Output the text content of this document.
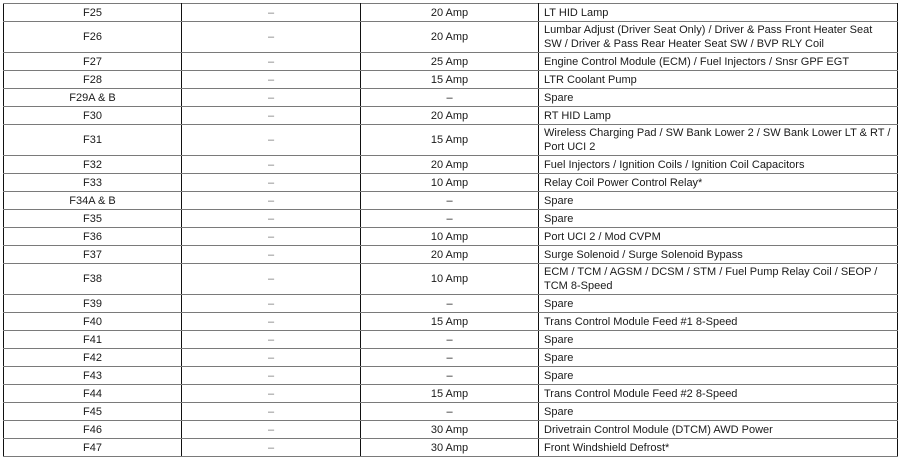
F25	–	20 Amp	LT HID Lamp
F26	–	20 Amp	Lumbar Adjust (Driver Seat Only) / Driver & Pass Front Heater Seat SW / Driver & Pass Rear Heater Seat SW / BVP RLY Coil
F27	–	25 Amp	Engine Control Module (ECM) / Fuel Injectors / Snsr GPF EGT
F28	–	15 Amp	LTR Coolant Pump
F29A & B	–	–	Spare
F30	–	20 Amp	RT HID Lamp
F31	–	15 Amp	Wireless Charging Pad / SW Bank Lower 2 / SW Bank Lower LT & RT / Port UCI 2
F32	–	20 Amp	Fuel Injectors / Ignition Coils / Ignition Coil Capacitors
F33	–	10 Amp	Relay Coil Power Control Relay*
F34A & B	–	–	Spare
F35	–	–	Spare
F36	–	10 Amp	Port UCI 2 / Mod CVPM
F37	–	20 Amp	Surge Solenoid / Surge Solenoid Bypass
F38	–	10 Amp	ECM / TCM / AGSM / DCSM / STM / Fuel Pump Relay Coil / SEOP / TCM 8-Speed
F39	–	–	Spare
F40	–	15 Amp	Trans Control Module Feed #1 8-Speed
F41	–	–	Spare
F42	–	–	Spare
F43	–	–	Spare
F44	–	15 Amp	Trans Control Module Feed #2 8-Speed
F45	–	–	Spare
F46	–	30 Amp	Drivetrain Control Module (DTCM) AWD Power
F47	–	30 Amp	Front Windshield Defrost*
